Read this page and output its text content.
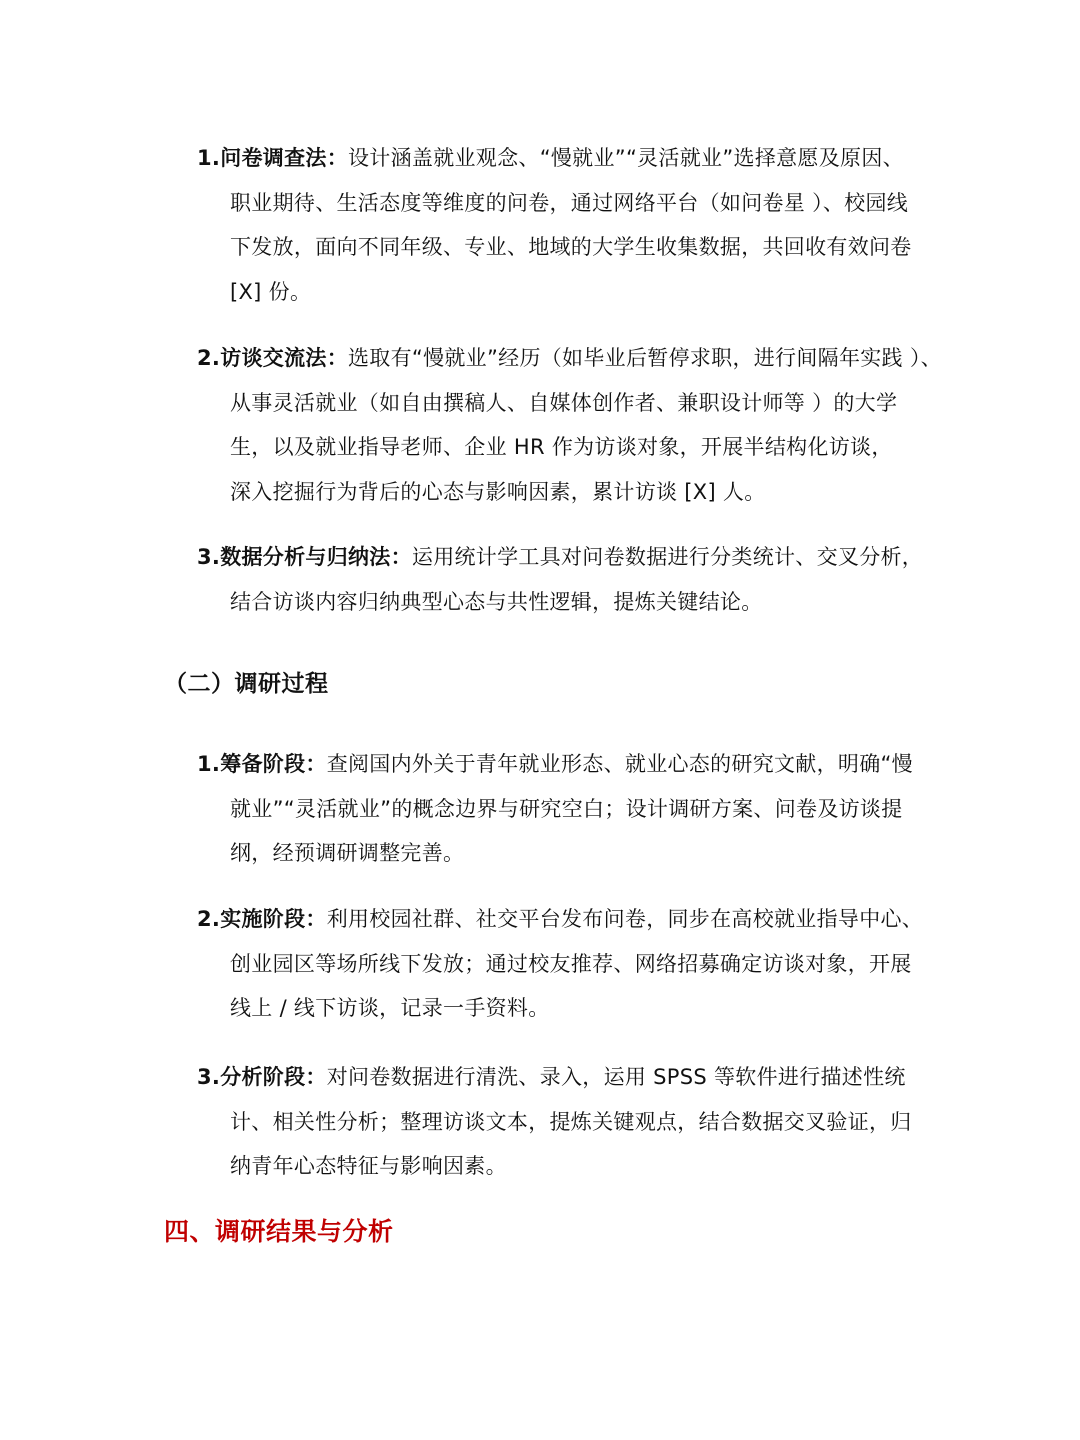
1.问卷调查法：设计涵盖就业观念、“慢就业”“灵活就业”选择意愿及原因、
职业期待、生活态度等维度的问卷，通过网络平台（如问卷星 ）、校园线
下发放，面向不同年级、专业、地域的大学生收集数据，共回收有效问卷
[X] 份。
2.访谈交流法：选取有“慢就业”经历（如毕业后暂停求职，进行间隔年实践 ）、
从事灵活就业（如自由撰稿人、自媒体创作者、兼职设计师等 ）的大学
生，以及就业指导老师、企业 HR 作为访谈对象，开展半结构化访谈，
深入挖掘行为背后的心态与影响因素，累计访谈 [X] 人。
3.数据分析与归纳法：运用统计学工具对问卷数据进行分类统计、交叉分析，
结合访谈内容归纳典型心态与共性逻辑，提炼关键结论。
（二）调研过程
1.筹备阶段：查阅国内外关于青年就业形态、就业心态的研究文献，明确“慢
就业”“灵活就业”的概念边界与研究空白；设计调研方案、问卷及访谈提
纲，经预调研调整完善。
2.实施阶段：利用校园社群、社交平台发布问卷，同步在高校就业指导中心、
创业园区等场所线下发放；通过校友推荐、网络招募确定访谈对象，开展
线上 / 线下访谈，记录一手资料。
3.分析阶段：对问卷数据进行清洗、录入，运用 SPSS 等软件进行描述性统
计、相关性分析；整理访谈文本，提炼关键观点，结合数据交叉验证，归
纳青年心态特征与影响因素。
四、调研结果与分析
